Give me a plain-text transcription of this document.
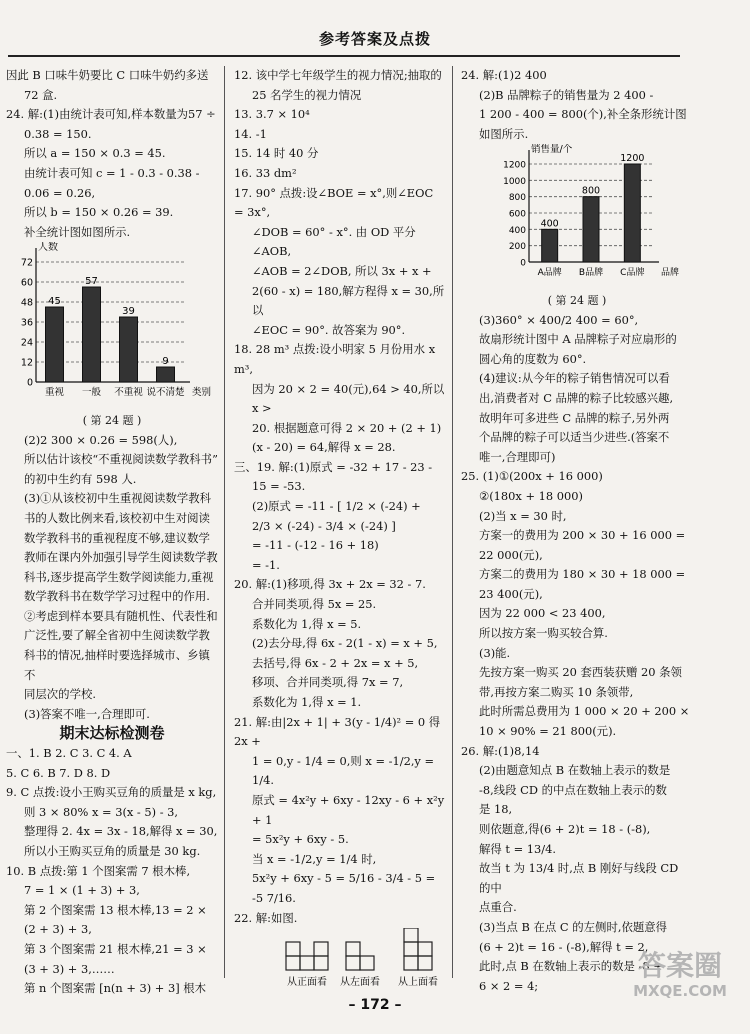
参考答案及点拨

因此 B 口味牛奶要比 C 口味牛奶约多送

72 盒.

24. 解:(1)由统计表可知,样本数量为57 ÷

0.38 = 150.

所以 a = 150 × 0.3 = 45.

由统计表可知 c = 1 - 0.3 - 0.38 -

0.06 = 0.26,

所以 b = 150 × 0.26 = 39.

补全统计图如图所示.

0
12
24
36
48
60
72
人数
45
重视
57
一般
39
不重视
9
说不清楚 类别

( 第 24 题 )

(2)2 300 × 0.26 = 598(人),

所以估计该校“不重视阅读数学教科书”

的初中生约有 598 人.

(3)①从该校初中生重视阅读数学教科

书的人数比例来看,该校初中生对阅读

数学教科书的重视程度不够,建议数学

教师在课内外加强引导学生阅读数学教

科书,逐步提高学生数学阅读能力,重视

数学教科书在数学学习过程中的作用.

②考虑到样本要具有随机性、代表性和

广泛性,要了解全省初中生阅读数学教

科书的情况,抽样时要选择城市、乡镇不

同层次的学校.

(3)答案不唯一,合理即可.

期末达标检测卷

一、1. B 2. C 3. C 4. A

5. C 6. B 7. D 8. D

9. C 点拨:设小王购买豆角的质量是 x kg,

则 3 × 80% x = 3(x - 5) - 3,

整理得 2. 4x = 3x - 18,解得 x = 30,

所以小王购买豆角的质量是 30 kg.

10. B 点拨:第 1 个图案需 7 根木棒,

7 = 1 × (1 + 3) + 3,

第 2 个图案需 13 根木棒,13 = 2 ×

(2 + 3) + 3,

第 3 个图案需 21 根木棒,21 = 3 ×

(3 + 3) + 3,……

第 n 个图案需 [n(n + 3) + 3] 根木

12. 该中学七年级学生的视力情况;抽取的

25 名学生的视力情况

13. 3.7 × 10⁴

14. -1

15. 14 时 40 分

16. 33 dm²

17. 90° 点拨:设∠BOE = x°,则∠EOC = 3x°,

∠DOB = 60° - x°. 由 OD 平分∠AOB,

∠AOB = 2∠DOB, 所以 3x + x +

2(60 - x) = 180,解方程得 x = 30,所以

∠EOC = 90°. 故答案为 90°.

18. 28 m³ 点拨:设小明家 5 月份用水 x m³,

因为 20 × 2 = 40(元),64 > 40,所以 x >

20. 根据题意可得 2 × 20 + (2 + 1)

(x - 20) = 64,解得 x = 28.

三、19. 解:(1)原式 = -32 + 17 - 23 -

15 = -53.

(2)原式 = -11 - [ 1/2 × (-24) +

2/3 × (-24) - 3/4 × (-24) ]

= -11 - (-12 - 16 + 18)

= -1.

20. 解:(1)移项,得 3x + 2x = 32 - 7.

合并同类项,得 5x = 25.

系数化为 1,得 x = 5.

(2)去分母,得 6x - 2(1 - x) = x + 5,

去括号,得 6x - 2 + 2x = x + 5,

移项、合并同类项,得 7x = 7,

系数化为 1,得 x = 1.

21. 解:由|2x + 1| + 3(y - 1/4)² = 0 得 2x +

1 = 0,y - 1/4 = 0,则 x = -1/2,y = 1/4.

原式 = 4x²y + 6xy - 12xy - 6 + x²y + 1

= 5x²y + 6xy - 5.

当 x = -1/2,y = 1/4 时,

5x²y + 6xy - 5 = 5/16 - 3/4 - 5 = -5 7/16.

22. 解:如图.

从正面看 从左面看 从上面看

24. 解:(1)2 400

(2)B 品牌粽子的销售量为 2 400 -

1 200 - 400 = 800(个),补全条形统计图

如图所示.

0
200
400
600
800
1000
1200
销售量/个
400
A品牌
800
B品牌
1200
C品牌 品牌

( 第 24 题 )

(3)360° × 400/2 400 = 60°,

故扇形统计图中 A 品牌粽子对应扇形的

圆心角的度数为 60°.

(4)建议:从今年的粽子销售情况可以看

出,消费者对 C 品牌的粽子比较感兴趣,

故明年可多进些 C 品牌的粽子,另外两

个品牌的粽子可以适当少进些.(答案不

唯一,合理即可)

25. (1)①(200x + 16 000)

②(180x + 18 000)

(2)当 x = 30 时,

方案一的费用为 200 × 30 + 16 000 =

22 000(元),

方案二的费用为 180 × 30 + 18 000 =

23 400(元),

因为 22 000 < 23 400,

所以按方案一购买较合算.

(3)能.

先按方案一购买 20 套西装获赠 20 条领

带,再按方案二购买 10 条领带,

此时所需总费用为 1 000 × 20 + 200 ×

10 × 90% = 21 800(元).

26. 解:(1)8,14

(2)由题意知点 B 在数轴上表示的数是

-8,线段 CD 的中点在数轴上表示的数

是 18,

则依题意,得(6 + 2)t = 18 - (-8),

解得 t = 13/4.

故当 t 为 13/4 时,点 B 刚好与线段 CD 的中

点重合.

(3)当点 B 在点 C 的左侧时,依题意得

(6 + 2)t = 16 - (-8),解得 t = 2,

此时,点 B 在数轴上表示的数是 -8 +

6 × 2 = 4;

– 172 –
答案圈
MXQE.COM
